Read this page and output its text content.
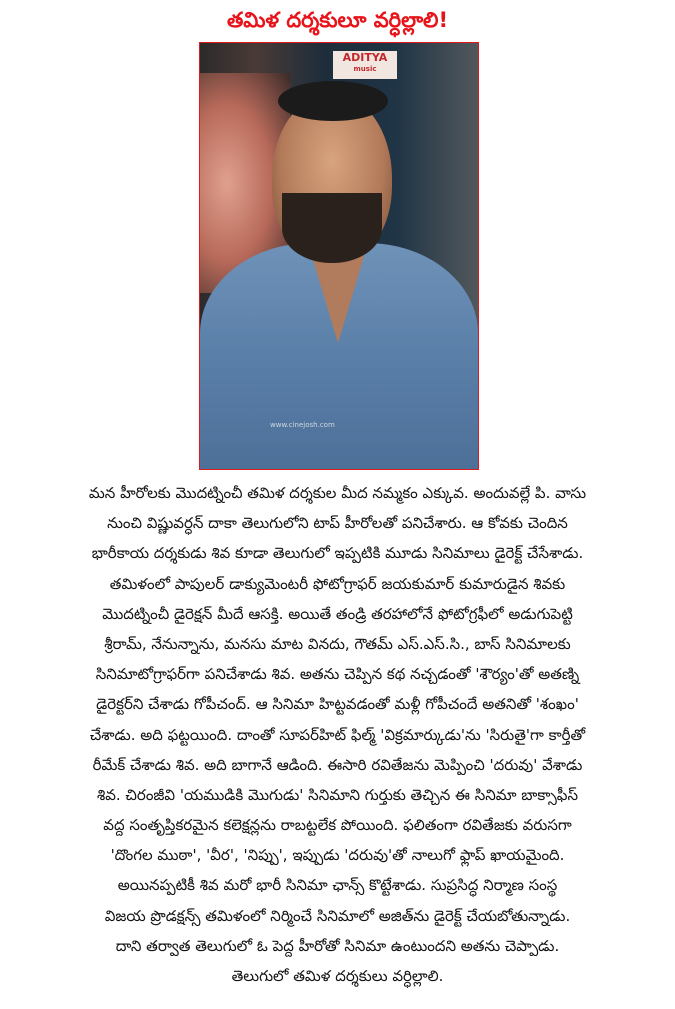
తమిళ దర్శకులూ వర్ధిల్లాలి!
ADITYA
music
www.cinejosh.com
మన హీరోలకు మొదట్నించీ తమిళ దర్శకుల మీద నమ్మకం ఎక్కువ. అందువల్లే పి. వాసు
నుంచి విష్ణువర్ధన్ దాకా తెలుగులోని టాప్ హీరోలతో పనిచేశారు. ఆ కోవకు చెందిన
భారీకాయ దర్శకుడు శివ కూడా తెలుగులో ఇప్పటికి మూడు సినిమాలు డైరెక్ట్ చేసేశాడు.
తమిళంలో పాపులర్ డాక్యుమెంటరీ ఫోటోగ్రాఫర్ జయకుమార్ కుమారుడైన శివకు
మొదట్నించీ డైరెక్షన్ మీదే ఆసక్తి. అయితే తండ్రి తరహాలోనే ఫోటోగ్రఫీలో అడుగుపెట్టి
శ్రీరామ్, నేనున్నాను, మనసు మాట వినదు, గౌతమ్ ఎస్.ఎస్.సి., బాస్ సినిమాలకు
సినిమాటోగ్రాఫర్‌గా పనిచేశాడు శివ. అతను చెప్పిన కథ నచ్చడంతో 'శౌర్యం'తో అతణ్ని
డైరెక్టర్‌ని చేశాడు గోపీచంద్. ఆ సినిమా హిట్టవడంతో మళ్లీ గోపీచందే అతనితో 'శంఖం'
చేశాడు. అది ఫట్టయింది. దాంతో సూపర్‌హిట్ ఫిల్మ్ 'విక్రమార్కుడు'ను 'సిరుతై'గా కార్తీతో
రీమేక్ చేశాడు శివ. అది బాగానే ఆడింది. ఈసారి రవితేజను మెప్పించి 'దరువు' వేశాడు
శివ. చిరంజీవి 'యముడికి మొగుడు' సినిమాని గుర్తుకు తెచ్చిన ఈ సినిమా బాక్సాఫీస్
వద్ద సంతృప్తికరమైన కలెక్షన్లను రాబట్టలేక పోయింది. ఫలితంగా రవితేజకు వరుసగా
'దొంగల ముఠా', 'వీర', 'నిప్పు', ఇప్పుడు 'దరువు'తో నాలుగో ఫ్లాప్ ఖాయమైంది.
అయినప్పటికీ శివ మరో భారీ సినిమా ఛాన్స్ కొట్టేశాడు. సుప్రసిద్ధ నిర్మాణ సంస్థ
విజయ ప్రొడక్షన్స్ తమిళంలో నిర్మించే సినిమాలో అజిత్‌ను డైరెక్ట్ చేయబోతున్నాడు.
దాని తర్వాత తెలుగులో ఓ పెద్ద హీరోతో సినిమా ఉంటుందని అతను చెప్పాడు.
తెలుగులో తమిళ దర్శకులు వర్ధిల్లాలి.
